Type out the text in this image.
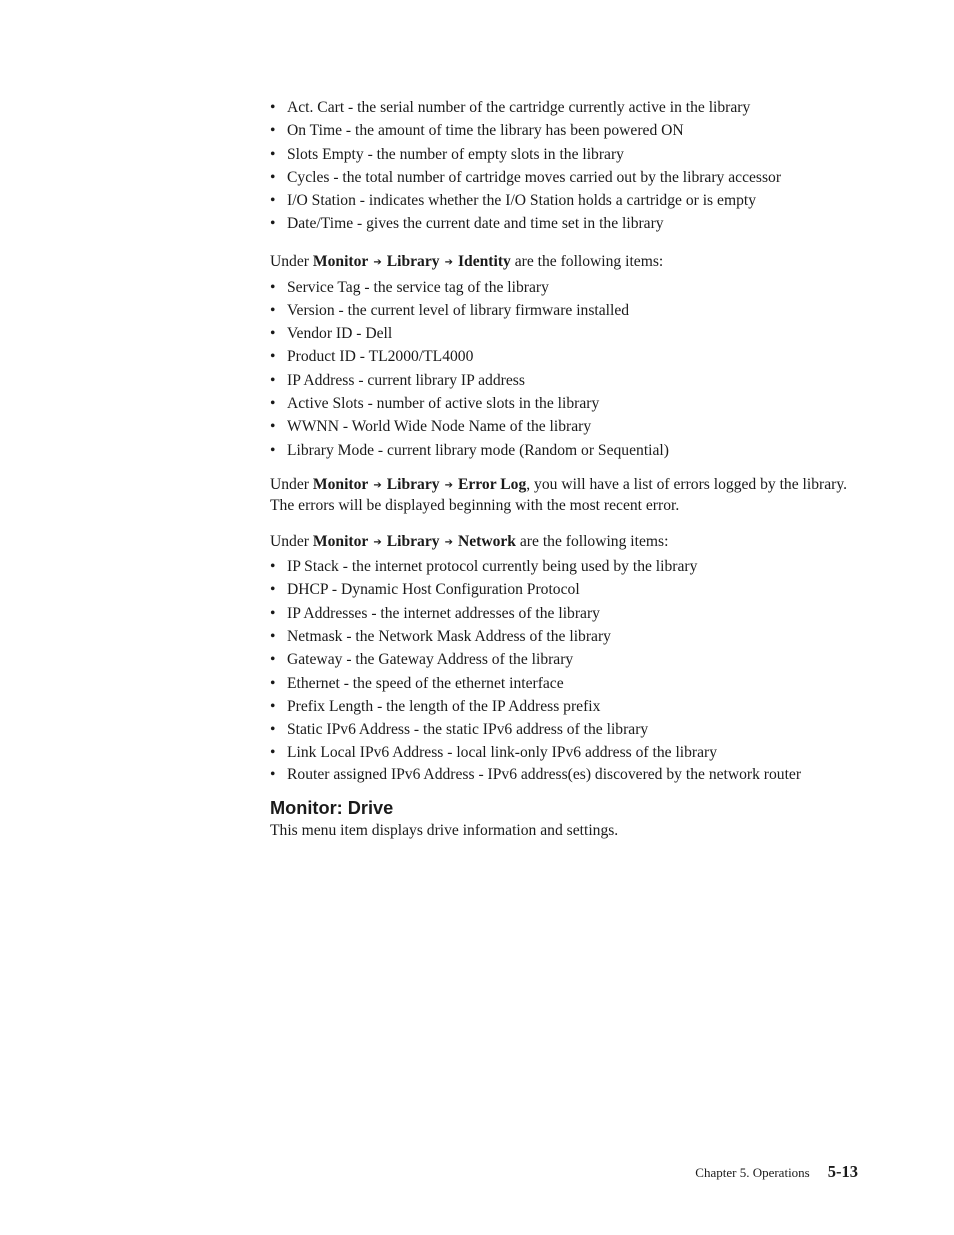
• Act. Cart - the serial number of the cartridge currently active in the library
• On Time - the amount of time the library has been powered ON
• Slots Empty - the number of empty slots in the library
• Cycles - the total number of cartridge moves carried out by the library accessor
• I/O Station - indicates whether the I/O Station holds a cartridge or is empty
• Date/Time - gives the current date and time set in the library

Under Monitor ➔ Library ➔ Identity are the following items:

• Service Tag - the service tag of the library
• Version - the current level of library firmware installed
• Vendor ID - Dell
• Product ID - TL2000/TL4000
• IP Address - current library IP address
• Active Slots - number of active slots in the library
• WWNN - World Wide Node Name of the library
• Library Mode - current library mode (Random or Sequential)

Under Monitor ➔ Library ➔ Error Log, you will have a list of errors logged by the library. The errors will be displayed beginning with the most recent error.

Under Monitor ➔ Library ➔ Network are the following items:

• IP Stack - the internet protocol currently being used by the library
• DHCP - Dynamic Host Configuration Protocol
• IP Addresses - the internet addresses of the library
• Netmask - the Network Mask Address of the library
• Gateway - the Gateway Address of the library
• Ethernet - the speed of the ethernet interface
• Prefix Length - the length of the IP Address prefix
• Static IPv6 Address - the static IPv6 address of the library
• Link Local IPv6 Address - local link-only IPv6 address of the library
• Router assigned IPv6 Address - IPv6 address(es) discovered by the network router
Monitor: Drive

This menu item displays drive information and settings.

Chapter 5. Operations 5-13
